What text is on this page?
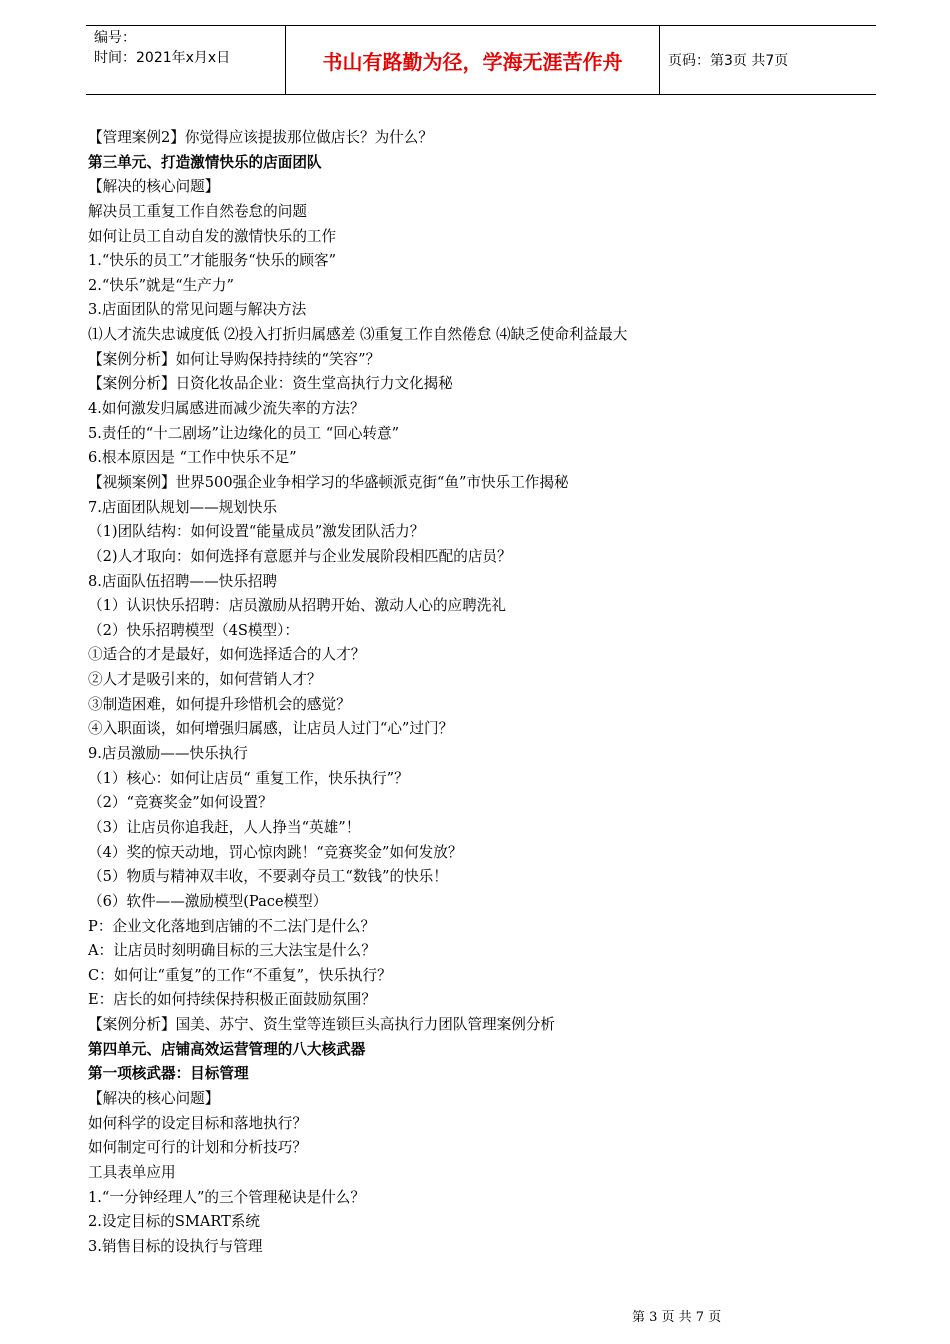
编号：
时间：2021年x月x日	书山有路勤为径，学海无涯苦作舟	页码：第3页 共7页
【管理案例2】你觉得应该提拔那位做店长？为什么？
第三单元、打造激情快乐的店面团队
【解决的核心问题】
解决员工重复工作自然卷怠的问题
如何让员工自动自发的激情快乐的工作
1.“快乐的员工”才能服务“快乐的顾客”
2.“快乐”就是“生产力”
3.店面团队的常见问题与解决方法
⑴人才流失忠诚度低 ⑵投入打折归属感差 ⑶重复工作自然倦怠 ⑷缺乏使命利益最大
【案例分析】如何让导购保持持续的“笑容”？
【案例分析】日资化妆品企业：资生堂高执行力文化揭秘
4.如何激发归属感进而减少流失率的方法？
5.责任的“十二剧场”让边缘化的员工 “回心转意”
6.根本原因是 “工作中快乐不足”
【视频案例】世界500强企业争相学习的华盛顿派克街“鱼”市快乐工作揭秘
7.店面团队规划——规划快乐
（1)团队结构：如何设置“能量成员”激发团队活力？
（2)人才取向：如何选择有意愿并与企业发展阶段相匹配的店员？
8.店面队伍招聘——快乐招聘
（1）认识快乐招聘：店员激励从招聘开始、激动人心的应聘洗礼
（2）快乐招聘模型（4S模型）：
①适合的才是最好，如何选择适合的人才？
②人才是吸引来的，如何营销人才？
③制造困难，如何提升珍惜机会的感觉？
④入职面谈，如何增强归属感，让店员人过门“心”过门？
9.店员激励——快乐执行
（1）核心：如何让店员“ 重复工作，快乐执行”？
（2）“竞赛奖金”如何设置？
（3）让店员你追我赶，人人挣当“英雄”！
（4）奖的惊天动地，罚心惊肉跳！“竞赛奖金”如何发放？
（5）物质与精神双丰收，不要剥夺员工“数钱”的快乐！
（6）软件——激励模型(Pace模型）
P：企业文化落地到店铺的不二法门是什么？
A：让店员时刻明确目标的三大法宝是什么？
C：如何让“重复”的工作“不重复”，快乐执行？
E：店长的如何持续保持积极正面鼓励氛围？
【案例分析】国美、苏宁、资生堂等连锁巨头高执行力团队管理案例分析
第四单元、店铺高效运营管理的八大核武器
第一项核武器：目标管理
【解决的核心问题】
如何科学的设定目标和落地执行？
如何制定可行的计划和分析技巧？
工具表单应用
1.“一分钟经理人”的三个管理秘诀是什么？
2.设定目标的SMART系统
3.销售目标的设执行与管理
第 3 页 共 7 页
